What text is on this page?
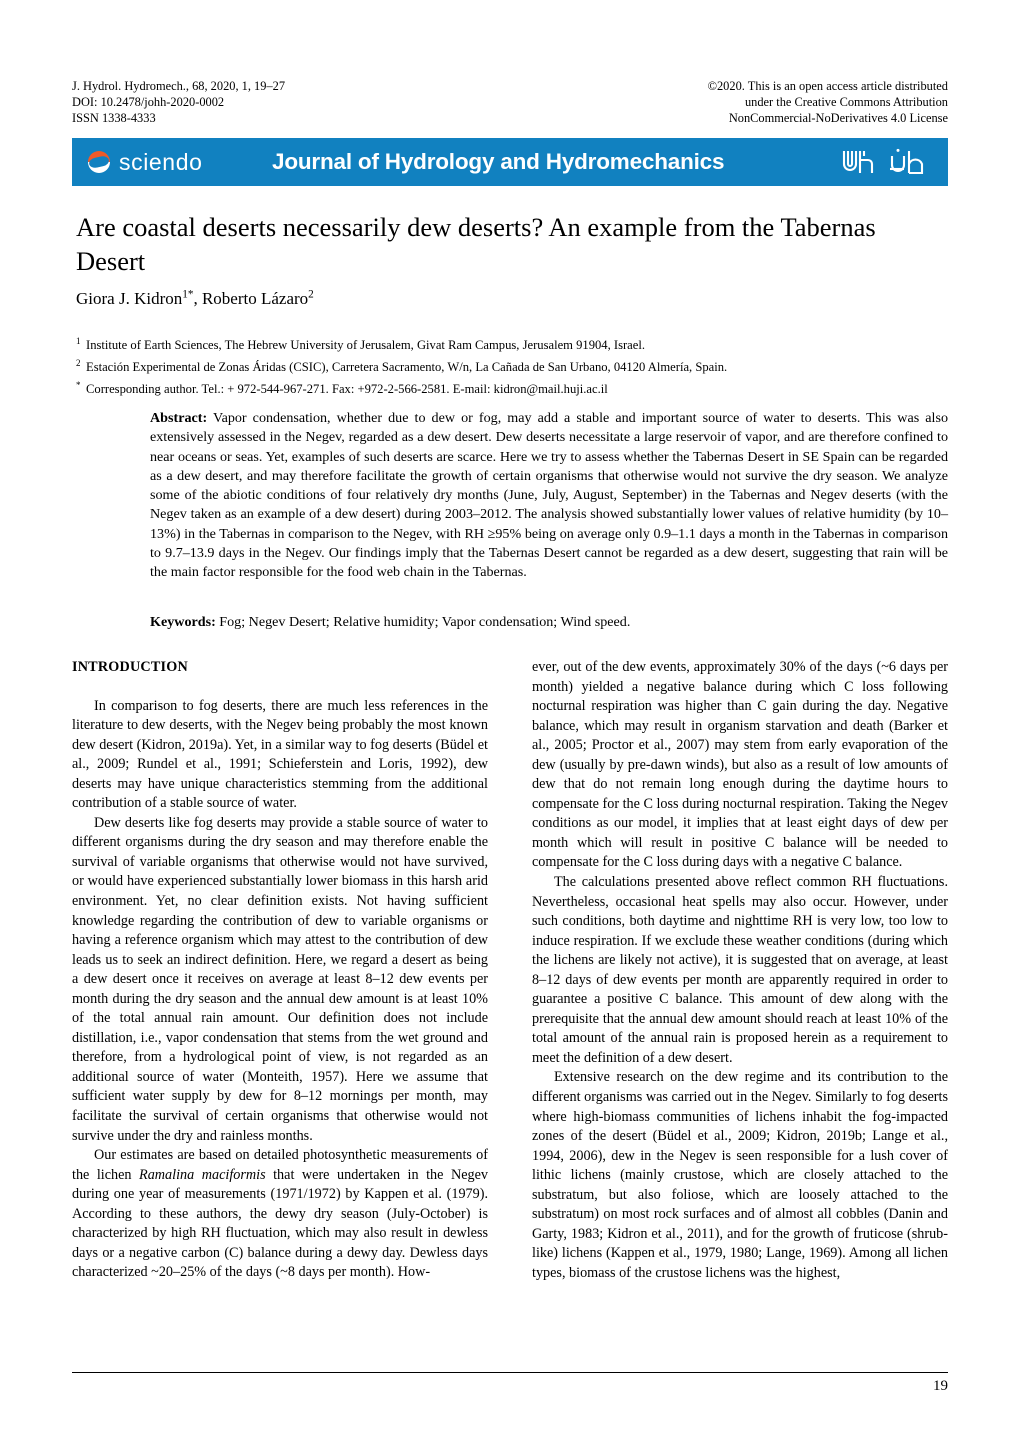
J. Hydrol. Hydromech., 68, 2020, 1, 19–27
DOI: 10.2478/johh-2020-0002
ISSN 1338-4333
©2020. This is an open access article distributed
under the Creative Commons Attribution
NonCommercial-NoDerivatives 4.0 License
sciendo	Journal of Hydrology and Hydromechanics
Are coastal deserts necessarily dew deserts? An example from the Tabernas Desert
Giora J. Kidron$^{1*}$, Roberto Lázaro$^2$
1 Institute of Earth Sciences, The Hebrew University of Jerusalem, Givat Ram Campus, Jerusalem 91904, Israel.
2 Estación Experimental de Zonas Áridas (CSIC), Carretera Sacramento, W/n, La Cañada de San Urbano, 04120 Almería, Spain.
* Corresponding author. Tel.: + 972-544-967-271. Fax: +972-2-566-2581. E-mail: kidron@mail.huji.ac.il
Abstract: Vapor condensation, whether due to dew or fog, may add a stable and important source of water to deserts. This was also extensively assessed in the Negev, regarded as a dew desert. Dew deserts necessitate a large reservoir of vapor, and are therefore confined to near oceans or seas. Yet, examples of such deserts are scarce. Here we try to assess whether the Tabernas Desert in SE Spain can be regarded as a dew desert, and may therefore facilitate the growth of certain organisms that otherwise would not survive the dry season. We analyze some of the abiotic conditions of four relatively dry months (June, July, August, September) in the Tabernas and Negev deserts (with the Negev taken as an example of a dew desert) during 2003–2012. The analysis showed substantially lower values of relative humidity (by 10–13%) in the Tabernas in comparison to the Negev, with RH ≥95% being on average only 0.9–1.1 days a month in the Tabernas in comparison to 9.7–13.9 days in the Negev. Our findings imply that the Tabernas Desert cannot be regarded as a dew desert, suggesting that rain will be the main factor responsible for the food web chain in the Tabernas.
Keywords: Fog; Negev Desert; Relative humidity; Vapor condensation; Wind speed.
INTRODUCTION

In comparison to fog deserts, there are much less references in the literature to dew deserts, with the Negev being probably the most known dew desert (Kidron, 2019a). Yet, in a similar way to fog deserts (Büdel et al., 2009; Rundel et al., 1991; Schieferstein and Loris, 1992), dew deserts may have unique characteristics stemming from the additional contribution of a stable source of water.

Dew deserts like fog deserts may provide a stable source of water to different organisms during the dry season and may therefore enable the survival of variable organisms that otherwise would not have survived, or would have experienced substantially lower biomass in this harsh arid environment. Yet, no clear definition exists. Not having sufficient knowledge regarding the contribution of dew to variable organisms or having a reference organism which may attest to the contribution of dew leads us to seek an indirect definition. Here, we regard a desert as being a dew desert once it receives on average at least 8–12 dew events per month during the dry season and the annual dew amount is at least 10% of the total annual rain amount. Our definition does not include distillation, i.e., vapor condensation that stems from the wet ground and therefore, from a hydrological point of view, is not regarded as an additional source of water (Monteith, 1957). Here we assume that sufficient water supply by dew for 8–12 mornings per month, may facilitate the survival of certain organisms that otherwise would not survive under the dry and rainless months.

Our estimates are based on detailed photosynthetic measurements of the lichen Ramalina maciformis that were undertaken in the Negev during one year of measurements (1971/1972) by Kappen et al. (1979). According to these authors, the dewy dry season (July-October) is characterized by high RH fluctuation, which may also result in dewless days or a negative carbon (C) balance during a dewy day. Dewless days characterized ~20–25% of the days (~8 days per month). How-

ever, out of the dew events, approximately 30% of the days (~6 days per month) yielded a negative balance during which C loss following nocturnal respiration was higher than C gain during the day. Negative balance, which may result in organism starvation and death (Barker et al., 2005; Proctor et al., 2007) may stem from early evaporation of the dew (usually by pre-dawn winds), but also as a result of low amounts of dew that do not remain long enough during the daytime hours to compensate for the C loss during nocturnal respiration. Taking the Negev conditions as our model, it implies that at least eight days of dew per month which will result in positive C balance will be needed to compensate for the C loss during days with a negative C balance.

The calculations presented above reflect common RH fluctuations. Nevertheless, occasional heat spells may also occur. However, under such conditions, both daytime and nighttime RH is very low, too low to induce respiration. If we exclude these weather conditions (during which the lichens are likely not active), it is suggested that on average, at least 8–12 days of dew events per month are apparently required in order to guarantee a positive C balance. This amount of dew along with the prerequisite that the annual dew amount should reach at least 10% of the total amount of the annual rain is proposed herein as a requirement to meet the definition of a dew desert.

Extensive research on the dew regime and its contribution to the different organisms was carried out in the Negev. Similarly to fog deserts where high-biomass communities of lichens inhabit the fog-impacted zones of the desert (Büdel et al., 2009; Kidron, 2019b; Lange et al., 1994, 2006), dew in the Negev is seen responsible for a lush cover of lithic lichens (mainly crustose, which are closely attached to the substratum, but also foliose, which are loosely attached to the substratum) on most rock surfaces and of almost all cobbles (Danin and Garty, 1983; Kidron et al., 2011), and for the growth of fruticose (shrub-like) lichens (Kappen et al., 1979, 1980; Lange, 1969). Among all lichen types, biomass of the crustose lichens was the highest,

19
